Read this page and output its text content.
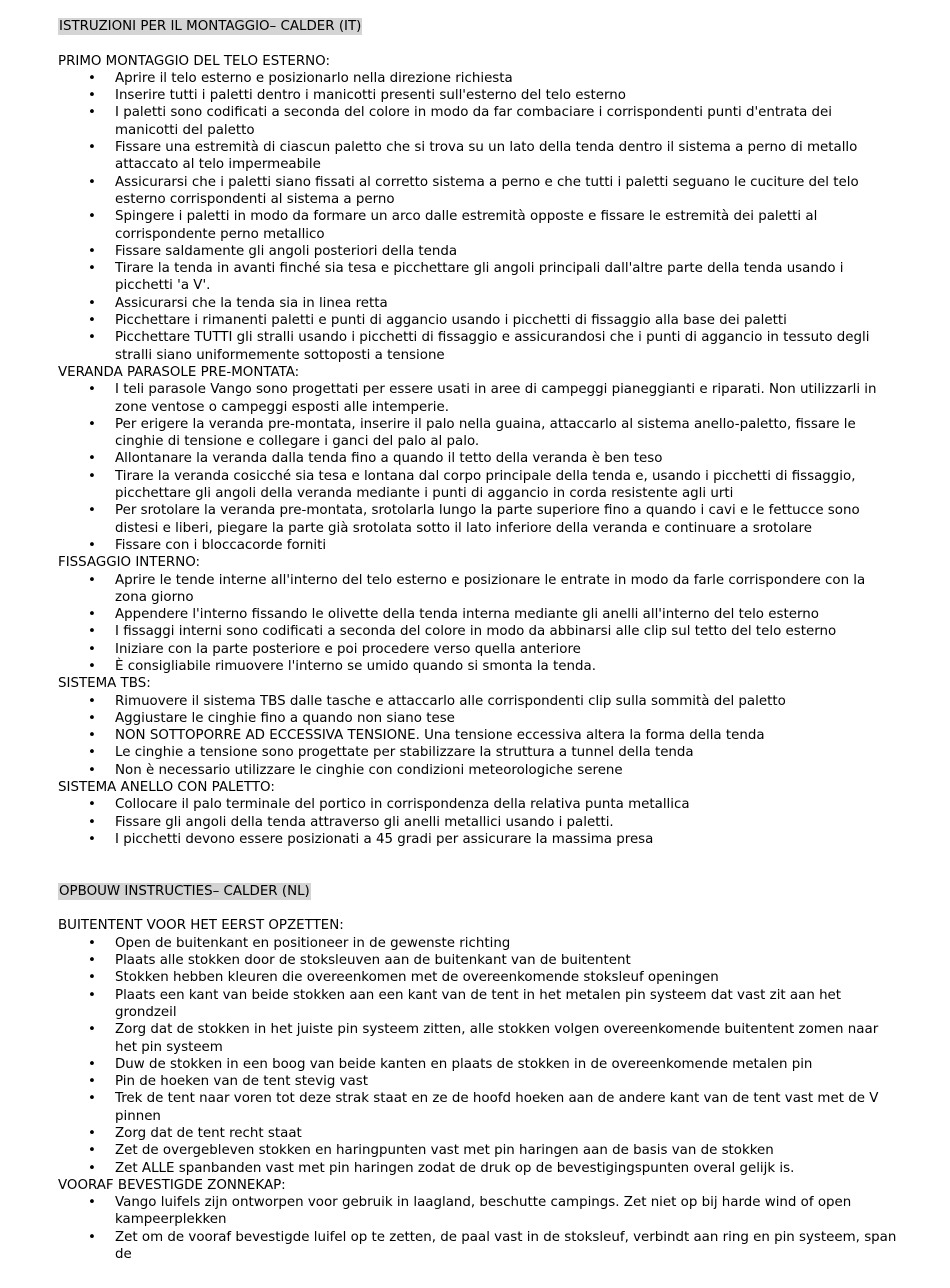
ISTRUZIONI PER IL MONTAGGIO– CALDER (IT)
PRIMO MONTAGGIO DEL TELO ESTERNO:
• Aprire il telo esterno e posizionarlo nella direzione richiesta
• Inserire tutti i paletti dentro i manicotti presenti sull'esterno del telo esterno
• I paletti sono codificati a seconda del colore in modo da far combaciare i corrispondenti punti d'entrata dei manicotti del paletto
• Fissare una estremità di ciascun paletto che si trova su un lato della tenda dentro il sistema a perno di metallo attaccato al telo impermeabile
• Assicurarsi che i paletti siano fissati al corretto sistema a perno e che tutti i paletti seguano le cuciture del telo esterno corrispondenti al sistema a perno
• Spingere i paletti in modo da formare un arco dalle estremità opposte e fissare le estremità dei paletti al corrispondente perno metallico
• Fissare saldamente gli angoli posteriori della tenda
• Tirare la tenda in avanti finché sia tesa e picchettare gli angoli principali dall'altre parte della tenda usando i picchetti 'a V'.
• Assicurarsi che la tenda sia in linea retta
• Picchettare i rimanenti paletti e punti di aggancio usando i picchetti di fissaggio alla base dei paletti
• Picchettare TUTTI gli stralli usando i picchetti di fissaggio e assicurandosi che i punti di aggancio in tessuto degli stralli siano uniformemente sottoposti a tensione
VERANDA PARASOLE PRE-MONTATA:
• I teli parasole Vango sono progettati per essere usati in aree di campeggi pianeggianti e riparati. Non utilizzarli in zone ventose o campeggi esposti alle intemperie.
• Per erigere la veranda pre-montata, inserire il palo nella guaina, attaccarlo al sistema anello-paletto, fissare le cinghie di tensione e collegare i ganci del palo al palo.
• Allontanare la veranda dalla tenda fino a quando il tetto della veranda è ben teso
• Tirare la veranda cosicché sia tesa e lontana dal corpo principale della tenda e, usando i picchetti di fissaggio, picchettare gli angoli della veranda mediante i punti di aggancio in corda resistente agli urti
• Per srotolare la veranda pre-montata, srotolarla lungo la parte superiore fino a quando i cavi e le fettucce sono distesi e liberi, piegare la parte già srotolata sotto il lato inferiore della veranda e continuare a srotolare
• Fissare con i bloccacorde forniti
FISSAGGIO INTERNO:
• Aprire le tende interne all'interno del telo esterno e posizionare le entrate in modo da farle corrispondere con la zona giorno
• Appendere l'interno fissando le olivette della tenda interna mediante gli anelli all'interno del telo esterno
• I fissaggi interni sono codificati a seconda del colore in modo da abbinarsi alle clip sul tetto del telo esterno
• Iniziare con la parte posteriore e poi procedere verso quella anteriore
• È consigliabile rimuovere l'interno se umido quando si smonta la tenda.
SISTEMA TBS:
• Rimuovere il sistema TBS dalle tasche e attaccarlo alle corrispondenti clip sulla sommità del paletto
• Aggiustare le cinghie fino a quando non siano tese
• NON SOTTOPORRE AD ECCESSIVA TENSIONE. Una tensione eccessiva altera la forma della tenda
• Le cinghie a tensione sono progettate per stabilizzare la struttura a tunnel della tenda
• Non è necessario utilizzare le cinghie con condizioni meteorologiche serene
SISTEMA ANELLO CON PALETTO:
• Collocare il palo terminale del portico in corrispondenza della relativa punta metallica
• Fissare gli angoli della tenda attraverso gli anelli metallici usando i paletti.
• I picchetti devono essere posizionati a 45 gradi per assicurare la massima presa
OPBOUW INSTRUCTIES– CALDER (NL)
BUITENTENT VOOR HET EERST OPZETTEN:
• Open de buitenkant en positioneer in de gewenste richting
• Plaats alle stokken door de stoksleuven aan de buitenkant van de buitentent
• Stokken hebben kleuren die overeenkomen met de overeenkomende stoksleuf openingen
• Plaats een kant van beide stokken aan een kant van de tent in het metalen pin systeem dat vast zit aan het grondzeil
• Zorg dat de stokken in het juiste pin systeem zitten, alle stokken volgen overeenkomende buitentent zomen naar het pin systeem
• Duw de stokken in een boog van beide kanten en plaats de stokken in de overeenkomende metalen pin
• Pin de hoeken van de tent stevig vast
• Trek de tent naar voren tot deze strak staat en ze de hoofd hoeken aan de andere kant van de tent vast met de V pinnen
• Zorg dat de tent recht staat
• Zet de overgebleven stokken en haringpunten vast met pin haringen aan de basis van de stokken
• Zet ALLE spanbanden vast met pin haringen zodat de druk op de bevestigingspunten overal gelijk is.
VOORAF BEVESTIGDE ZONNEKAP:
• Vango luifels zijn ontworpen voor gebruik in laagland, beschutte campings. Zet niet op bij harde wind of open kampeerplekken
• Zet om de vooraf bevestigde luifel op te zetten, de paal vast in de stoksleuf, verbindt aan ring en pin systeem, span de
